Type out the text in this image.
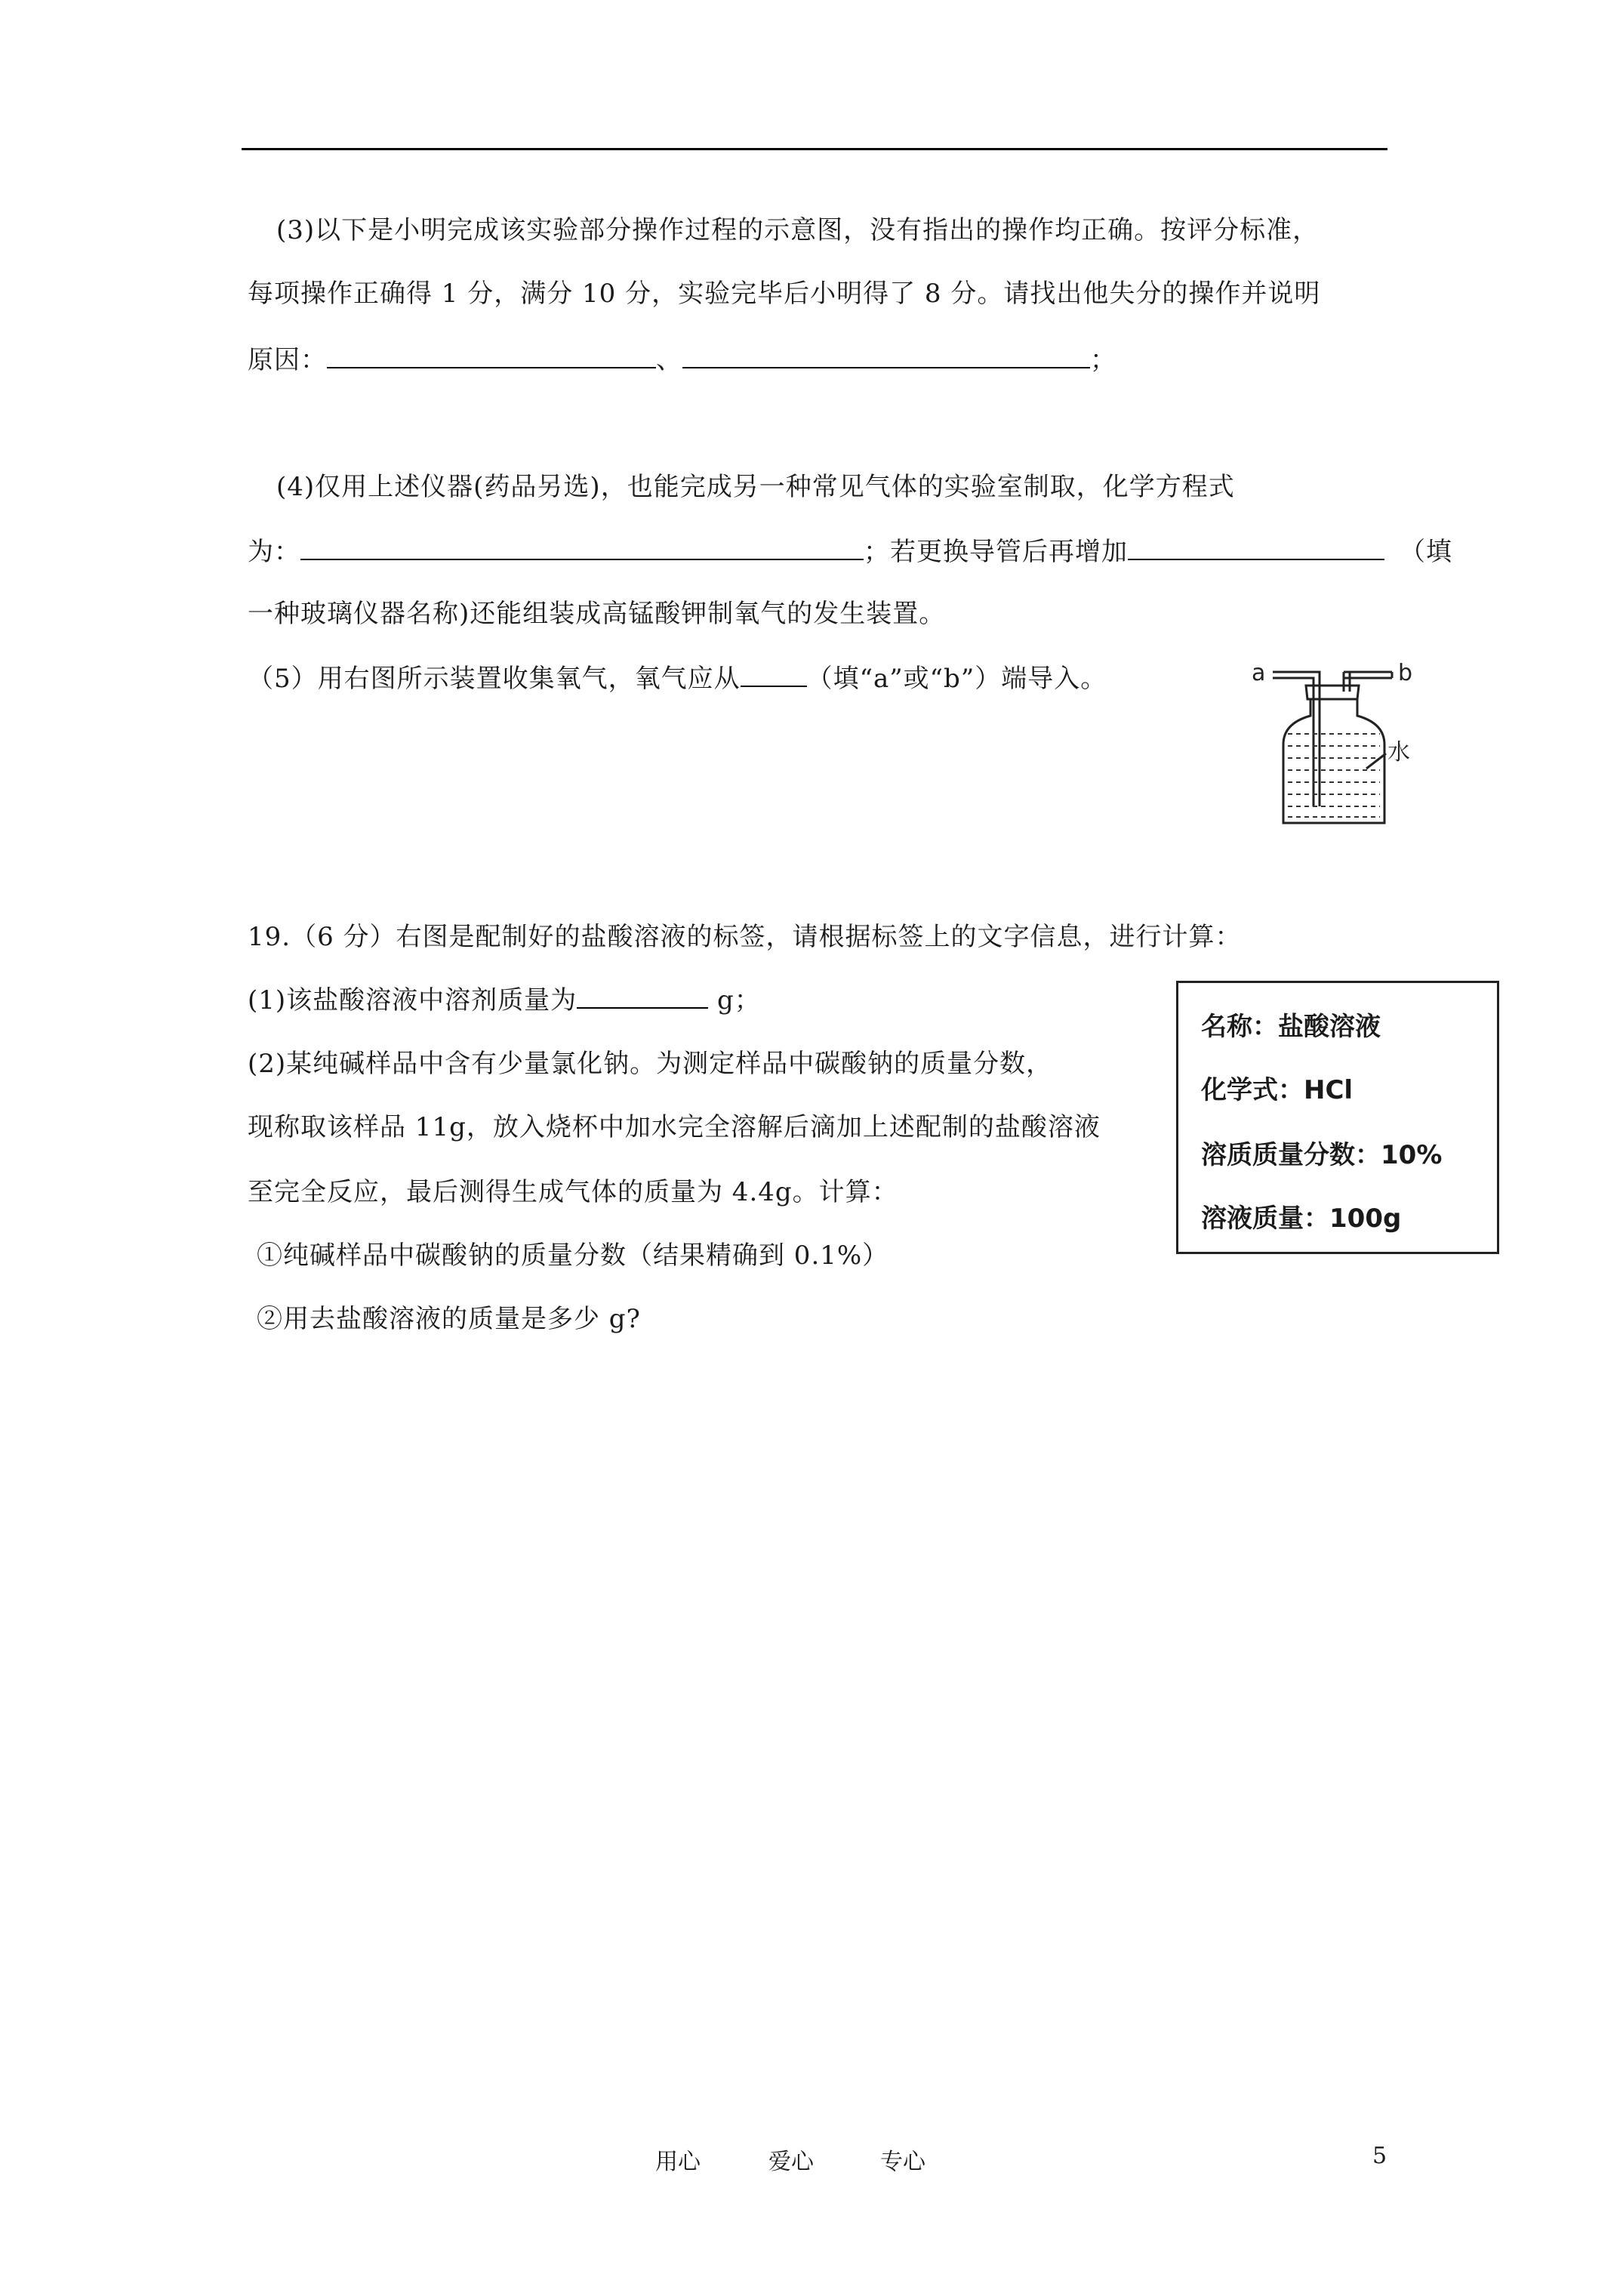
(3)以下是小明完成该实验部分操作过程的示意图，没有指出的操作均正确。按评分标准，
每项操作正确得 1 分，满分 10 分，实验完毕后小明得了 8 分。请找出他失分的操作并说明
原因：	、	；
(4)仅用上述仪器(药品另选)，也能完成另一种常见气体的实验室制取，化学方程式
为：	；若更换导管后再增加	（填
一种玻璃仪器名称)还能组装成高锰酸钾制氧气的发生装置。
（5）用右图所示装置收集氧气，氧气应从	（填“a”或“b”）端导入。	a	b
水
19.（6 分）右图是配制好的盐酸溶液的标签，请根据标签上的文字信息，进行计算：
(1)该盐酸溶液中溶剂质量为	g；
(2)某纯碱样品中含有少量氯化钠。为测定样品中碳酸钠的质量分数，
现称取该样品 11g，放入烧杯中加水完全溶解后滴加上述配制的盐酸溶液
至完全反应，最后测得生成气体的质量为 4.4g。计算：
①纯碱样品中碳酸钠的质量分数（结果精确到 0.1%）
②用去盐酸溶液的质量是多少 g?
名称：盐酸溶液
化学式：HCl
溶质质量分数：10%
溶液质量：100g
用心	爱心	专心	5
